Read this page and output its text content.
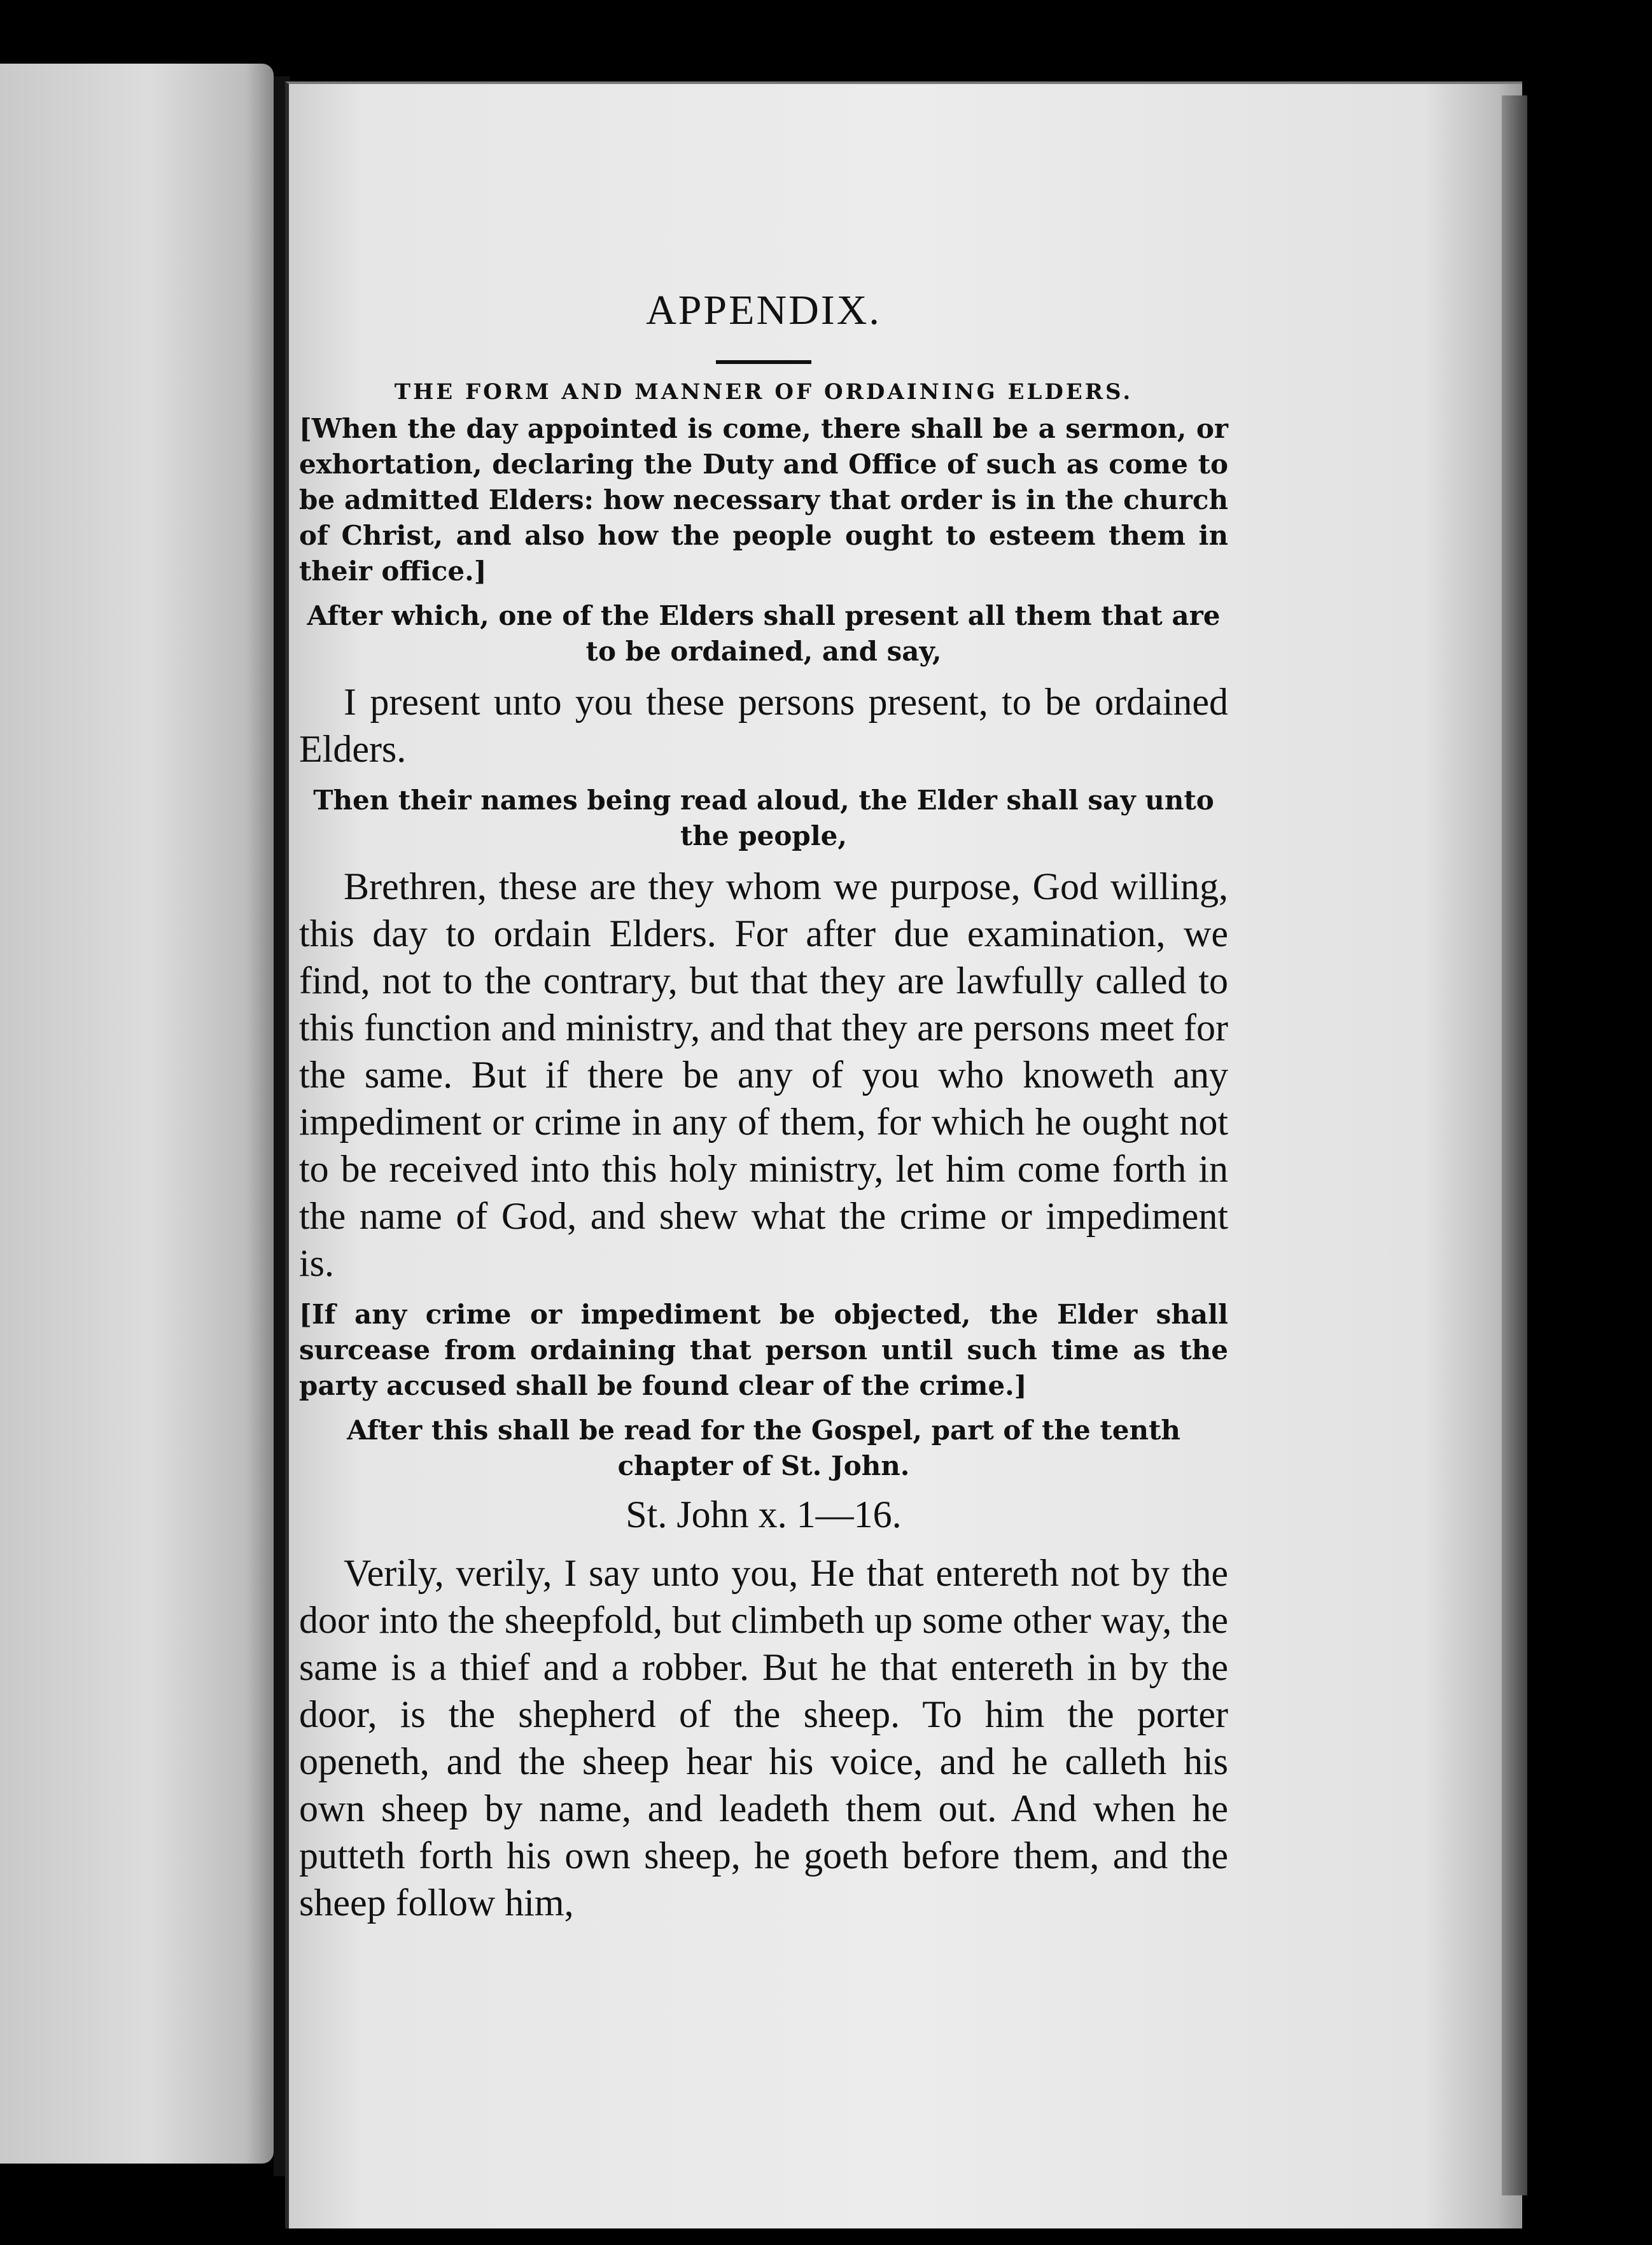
APPENDIX.

THE FORM AND MANNER OF ORDAINING ELDERS.

[When the day appointed is come, there shall be a sermon, or exhortation, declaring the Duty and Office of such as come to be admitted Elders: how necessary that order is in the church of Christ, and also how the people ought to esteem them in their office.]

After which, one of the Elders shall present all them that are to be ordained, and say,

I present unto you these persons present, to be ordained Elders.

Then their names being read aloud, the Elder shall say unto the people,

Brethren, these are they whom we purpose, God willing, this day to ordain Elders. For after due examination, we find, not to the contrary, but that they are lawfully called to this function and ministry, and that they are persons meet for the same. But if there be any of you who knoweth any impediment or crime in any of them, for which he ought not to be received into this holy ministry, let him come forth in the name of God, and shew what the crime or impediment is.

[If any crime or impediment be objected, the Elder shall surcease from ordaining that person until such time as the party accused shall be found clear of the crime.]

After this shall be read for the Gospel, part of the tenth chapter of St. John.

St. John x. 1—16.

Verily, verily, I say unto you, He that entereth not by the door into the sheepfold, but climbeth up some other way, the same is a thief and a robber. But he that entereth in by the door, is the shepherd of the sheep. To him the porter openeth, and the sheep hear his voice, and he calleth his own sheep by name, and leadeth them out. And when he putteth forth his own sheep, he goeth before them, and the sheep follow him,
